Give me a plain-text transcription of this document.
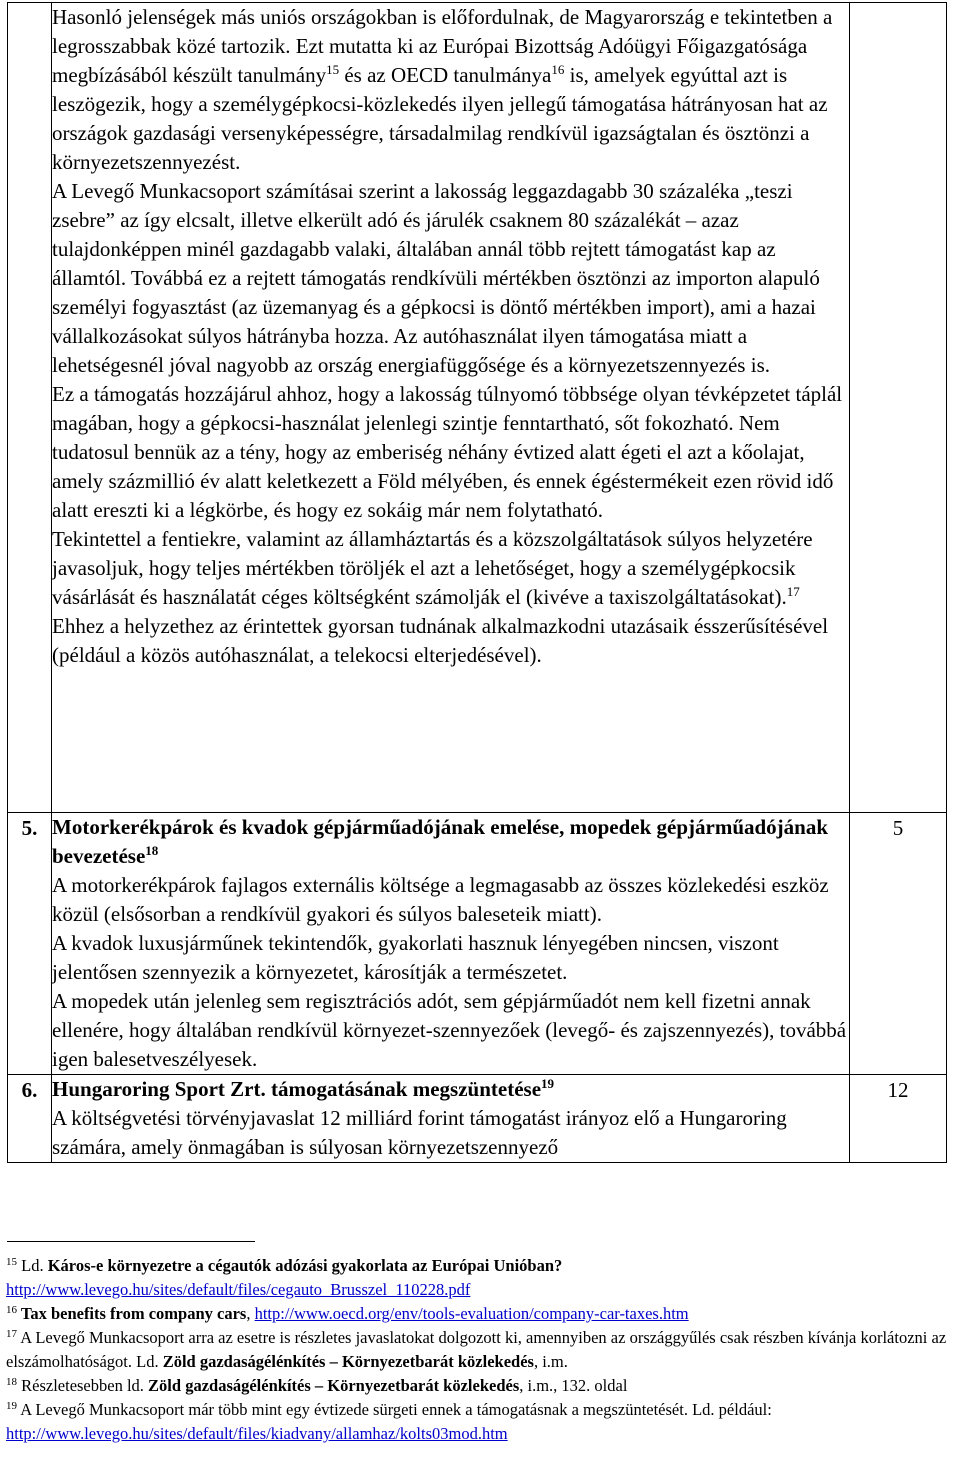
	Hasonló jelenségek más uniós országokban is előfordulnak, de Magyarország e tekintetben a legrosszabbak közé tartozik. Ezt mutatta ki az Európai Bizottság Adóügyi Főigazgatósága megbízásából készült tanulmány$^{15}$ és az OECD tanulmánya$^{16}$ is, amelyek egyúttal azt is leszögezik, hogy a személygépkocsi-közlekedés ilyen jellegű támogatása hátrányosan hat az országok gazdasági versenyképességre, társadalmilag rendkívül igazságtalan és ösztönzi a környezetszennyezést.

A Levegő Munkacsoport számításai szerint a lakosság leggazdagabb 30 százaléka „teszi zsebre” az így elcsalt, illetve elkerült adó és járulék csaknem 80 százalékát – azaz tulajdonképpen minél gazdagabb valaki, általában annál több rejtett támogatást kap az államtól. Továbbá ez a rejtett támogatás rendkívüli mértékben ösztönzi az importon alapuló személyi fogyasztást (az üzemanyag és a gépkocsi is döntő mértékben import), ami a hazai vállalkozásokat súlyos hátrányba hozza. Az autóhasználat ilyen támogatása miatt a lehetségesnél jóval nagyobb az ország energiafüggősége és a környezetszennyezés is.

Ez a támogatás hozzájárul ahhoz, hogy a lakosság túlnyomó többsége olyan tévképzetet táplál magában, hogy a gépkocsi-használat jelenlegi szintje fenntartható, sőt fokozható. Nem tudatosul bennük az a tény, hogy az emberiség néhány évtized alatt égeti el azt a kőolajat, amely százmillió év alatt keletkezett a Föld mélyében, és ennek égéstermékeit ezen rövid idő alatt ereszti ki a légkörbe, és hogy ez sokáig már nem folytatható.

Tekintettel a fentiekre, valamint az államháztartás és a közszolgáltatások súlyos helyzetére javasoljuk, hogy teljes mértékben töröljék el azt a lehetőséget, hogy a személygépkocsik vásárlását és használatát céges költségként számolják el (kivéve a taxiszolgáltatásokat).$^{17}$ Ehhez a helyzethez az érintettek gyorsan tudnának alkalmazkodni utazásaik ésszerűsítésével (például a közös autóhasználat, a telekocsi elterjedésével).	

5.	Motorkerékpárok és kvadok gépjárműadójának emelése, mopedek gépjárműadójának bevezetése$^{18}$

A motorkerékpárok fajlagos externális költsége a legmagasabb az összes közlekedési eszköz közül (elsősorban a rendkívül gyakori és súlyos baleseteik miatt).

A kvadok luxusjárműnek tekintendők, gyakorlati hasznuk lényegében nincsen, viszont jelentősen szennyezik a környezetet, károsítják a természetet.

A mopedek után jelenleg sem regisztrációs adót, sem gépjárműadót nem kell fizetni annak ellenére, hogy általában rendkívül környezet-szennyezőek (levegő- és zajszennyezés), továbbá igen balesetveszélyesek.	5

6.	Hungaroring Sport Zrt. támogatásának megszüntetése$^{19}$

A költségvetési törvényjavaslat 12 milliárd forint támogatást irányoz elő a Hungaroring számára, amely önmagában is súlyosan környezetszennyező	12

$^{15}$ Ld. Káros-e környezetre a cégautók adózási gyakorlata az Európai Unióban?
http://www.levego.hu/sites/default/files/cegauto_Brusszel_110228.pdf

$^{16}$ Tax benefits from company cars, http://www.oecd.org/env/tools-evaluation/company-car-taxes.htm

$^{17}$ A Levegő Munkacsoport arra az esetre is részletes javaslatokat dolgozott ki, amennyiben az országgyűlés csak részben kívánja korlátozni az elszámolhatóságot. Ld. Zöld gazdaságélénkítés – Környezetbarát közlekedés, i.m.

$^{18}$ Részletesebben ld. Zöld gazdaságélénkítés – Környezetbarát közlekedés, i.m., 132. oldal

$^{19}$ A Levegő Munkacsoport már több mint egy évtizede sürgeti ennek a támogatásnak a megszüntetését. Ld. például: http://www.levego.hu/sites/default/files/kiadvany/allamhaz/kolts03mod.htm
